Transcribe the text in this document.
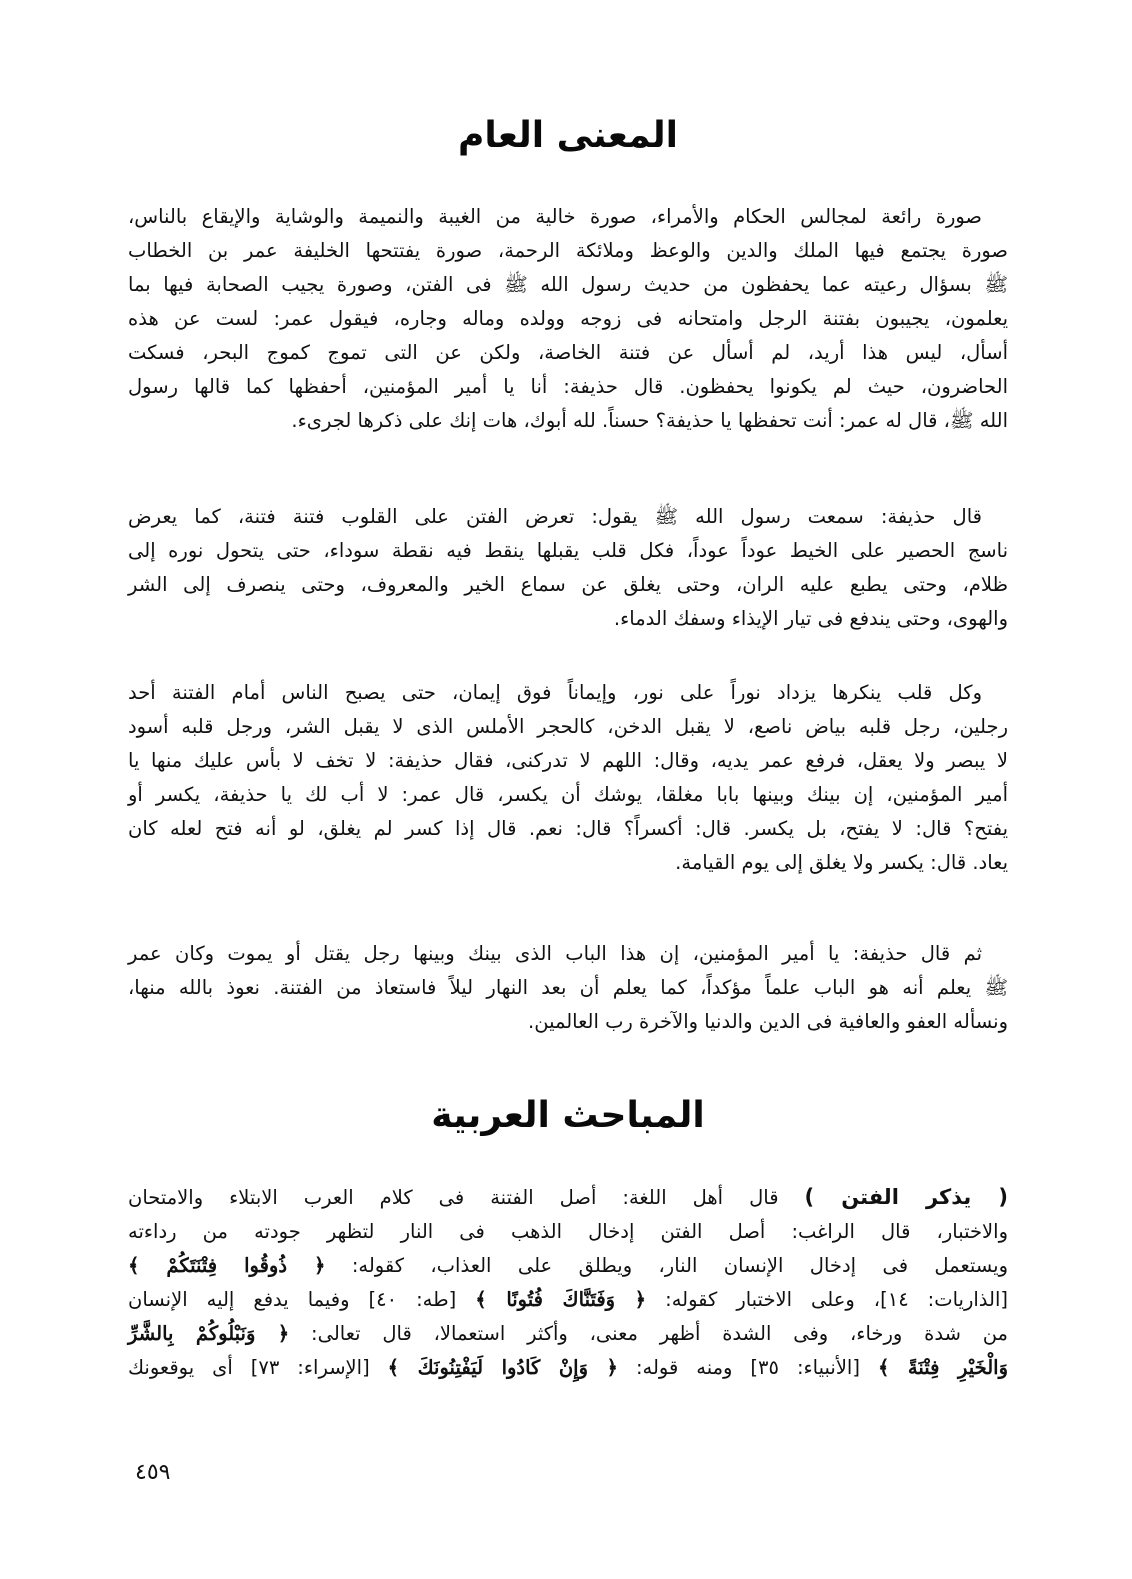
المعنى العام
صورة رائعة لمجالس الحكام والأمراء، صورة خالية من الغيبة والنميمة والوشاية والإيقاع بالناس،
صورة يجتمع فيها الملك والدين والوعظ وملائكة الرحمة، صورة يفتتحها الخليفة عمر بن الخطاب
ﷺ بسؤال رعيته عما يحفظون من حديث رسول الله ﷺ فى الفتن، وصورة يجيب الصحابة فيها بما
يعلمون، يجيبون بفتنة الرجل وامتحانه فى زوجه وولده وماله وجاره، فيقول عمر: لست عن هذه
أسأل، ليس هذا أريد، لم أسأل عن فتنة الخاصة، ولكن عن التى تموج كموج البحر، فسكت
الحاضرون، حيث لم يكونوا يحفظون. قال حذيفة: أنا يا أمير المؤمنين، أحفظها كما قالها رسول
الله ﷺ، قال له عمر: أنت تحفظها يا حذيفة؟ حسناً. لله أبوك، هات إنك على ذكرها لجرىء.
قال حذيفة: سمعت رسول الله ﷺ يقول: تعرض الفتن على القلوب فتنة فتنة، كما يعرض
ناسج الحصير على الخيط عوداً عوداً، فكل قلب يقبلها ينقط فيه نقطة سوداء، حتى يتحول نوره إلى
ظلام، وحتى يطبع عليه الران، وحتى يغلق عن سماع الخير والمعروف، وحتى ينصرف إلى الشر
والهوى، وحتى يندفع فى تيار الإيذاء وسفك الدماء.
وكل قلب ينكرها يزداد نوراً على نور، وإيماناً فوق إيمان، حتى يصبح الناس أمام الفتنة أحد
رجلين، رجل قلبه بياض ناصع، لا يقبل الدخن، كالحجر الأملس الذى لا يقبل الشر، ورجل قلبه أسود
لا يبصر ولا يعقل، فرفع عمر يديه، وقال: اللهم لا تدركنى، فقال حذيفة: لا تخف لا بأس عليك منها يا
أمير المؤمنين، إن بينك وبينها بابا مغلقا، يوشك أن يكسر، قال عمر: لا أب لك يا حذيفة، يكسر أو
يفتح؟ قال: لا يفتح، بل يكسر. قال: أكسراً؟ قال: نعم. قال إذا كسر لم يغلق، لو أنه فتح لعله كان
يعاد. قال: يكسر ولا يغلق إلى يوم القيامة.
ثم قال حذيفة: يا أمير المؤمنين، إن هذا الباب الذى بينك وبينها رجل يقتل أو يموت وكان عمر
ﷺ يعلم أنه هو الباب علماً مؤكداً، كما يعلم أن بعد النهار ليلاً فاستعاذ من الفتنة. نعوذ بالله منها،
ونسأله العفو والعافية فى الدين والدنيا والآخرة رب العالمين.
المباحث العربية
( يذكر الفتن ) قال أهل اللغة: أصل الفتنة فى كلام العرب الابتلاء والامتحان
والاختبار، قال الراغب: أصل الفتن إدخال الذهب فى النار لتظهر جودته من رداءته
ويستعمل فى إدخال الإنسان النار، ويطلق على العذاب، كقوله: ﴿ ذُوقُوا فِتْنَتَكُمْ ﴾
[الذاريات: ١٤]، وعلى الاختبار كقوله: ﴿ وَفَتَنَّاكَ فُتُونًا ﴾ [طه: ٤٠] وفيما يدفع إليه الإنسان
من شدة ورخاء، وفى الشدة أظهر معنى، وأكثر استعمالا، قال تعالى: ﴿ وَنَبْلُوكُمْ بِالشَّرِّ
وَالْخَيْرِ فِتْنَةً ﴾ [الأنبياء: ٣٥] ومنه قوله: ﴿ وَإِنْ كَادُوا لَيَفْتِنُونَكَ ﴾ [الإسراء: ٧٣] أى يوقعونك
٤٥٩
